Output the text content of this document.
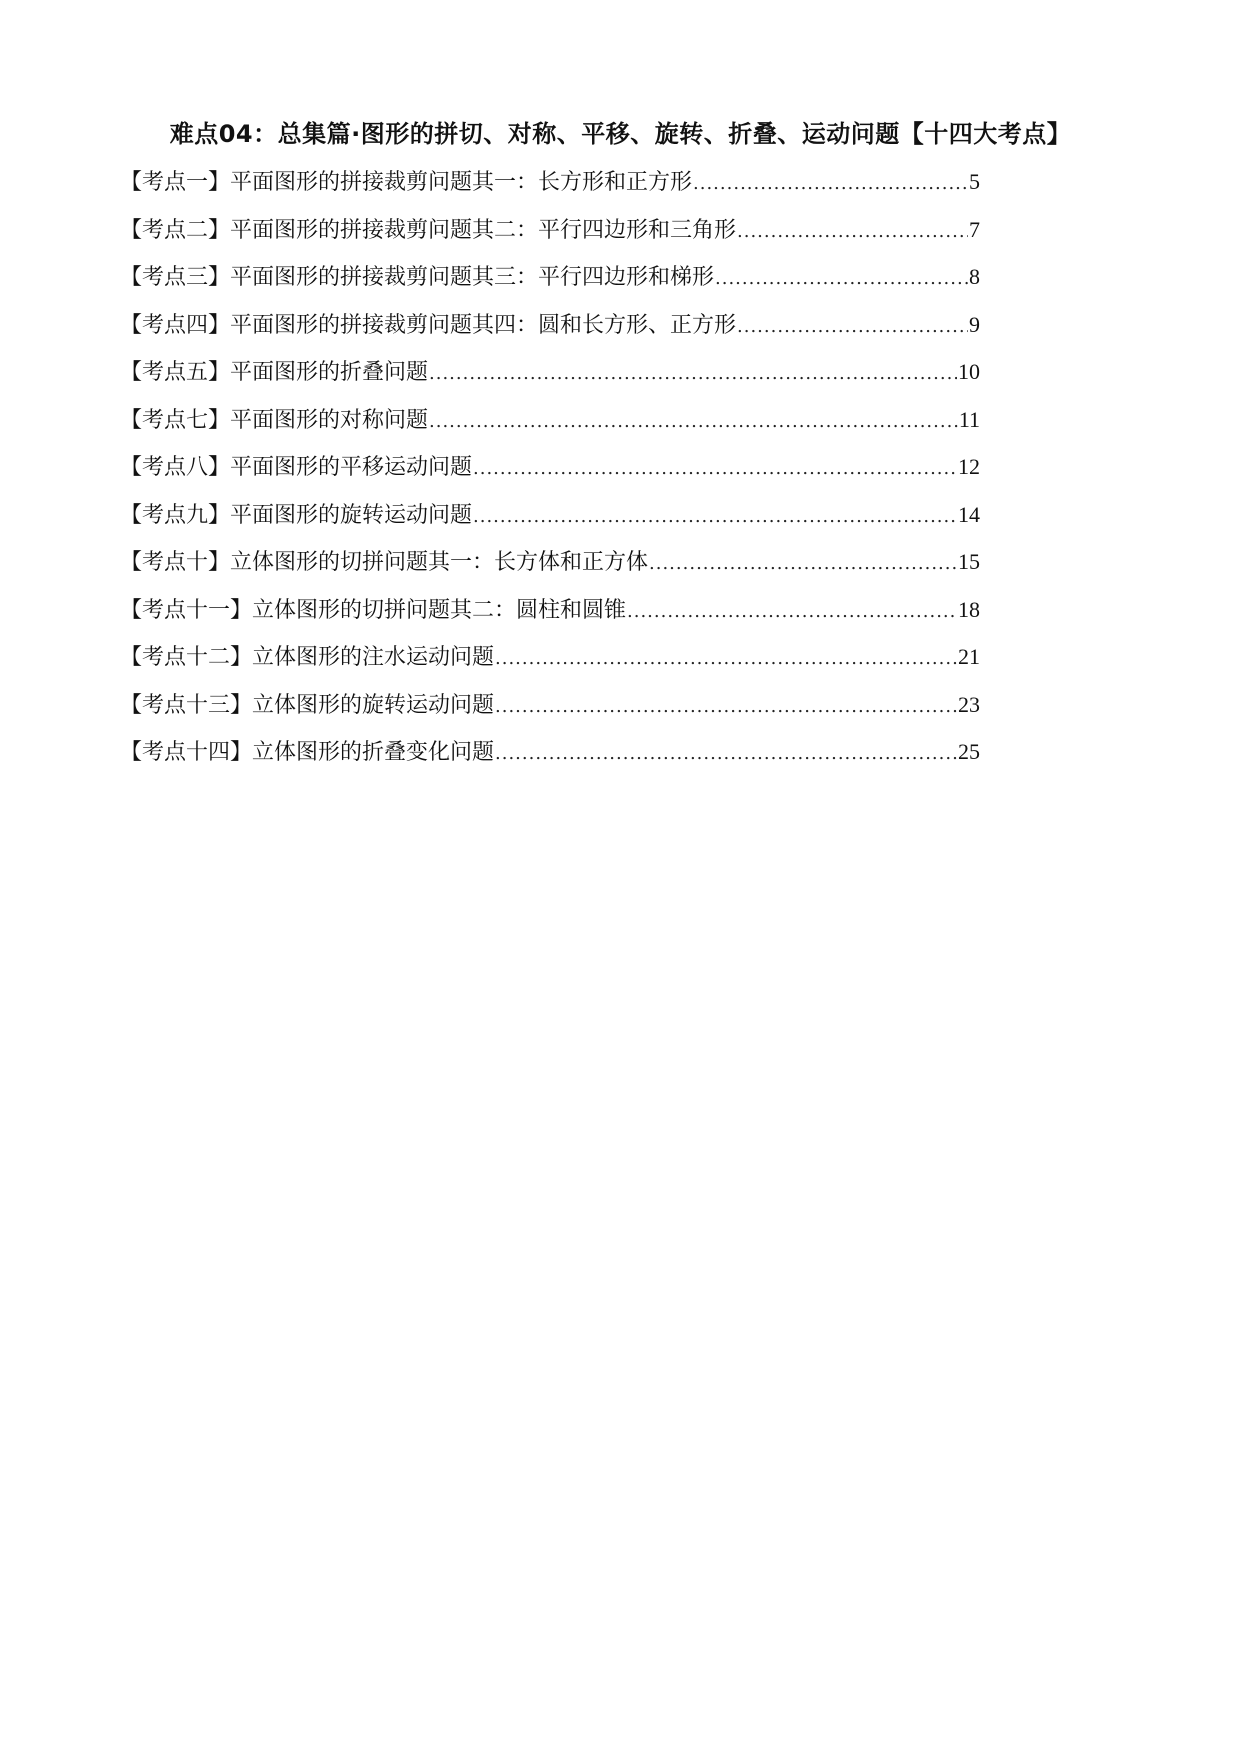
难点04：总集篇·图形的拼切、对称、平移、旋转、折叠、运动问题【十四大考点】
【考点一】平面图形的拼接裁剪问题其一：长方形和正方形 .....	5
【考点二】平面图形的拼接裁剪问题其二：平行四边形和三角形 .....	7
【考点三】平面图形的拼接裁剪问题其三：平行四边形和梯形 .....	8
【考点四】平面图形的拼接裁剪问题其四：圆和长方形、正方形 .....	9
【考点五】平面图形的折叠问题 .....	10
【考点七】平面图形的对称问题 .....	11
【考点八】平面图形的平移运动问题 .....	12
【考点九】平面图形的旋转运动问题 .....	14
【考点十】立体图形的切拼问题其一：长方体和正方体 .....	15
【考点十一】立体图形的切拼问题其二：圆柱和圆锥 .....	18
【考点十二】立体图形的注水运动问题 .....	21
【考点十三】立体图形的旋转运动问题 .....	23
【考点十四】立体图形的折叠变化问题 .....	25
